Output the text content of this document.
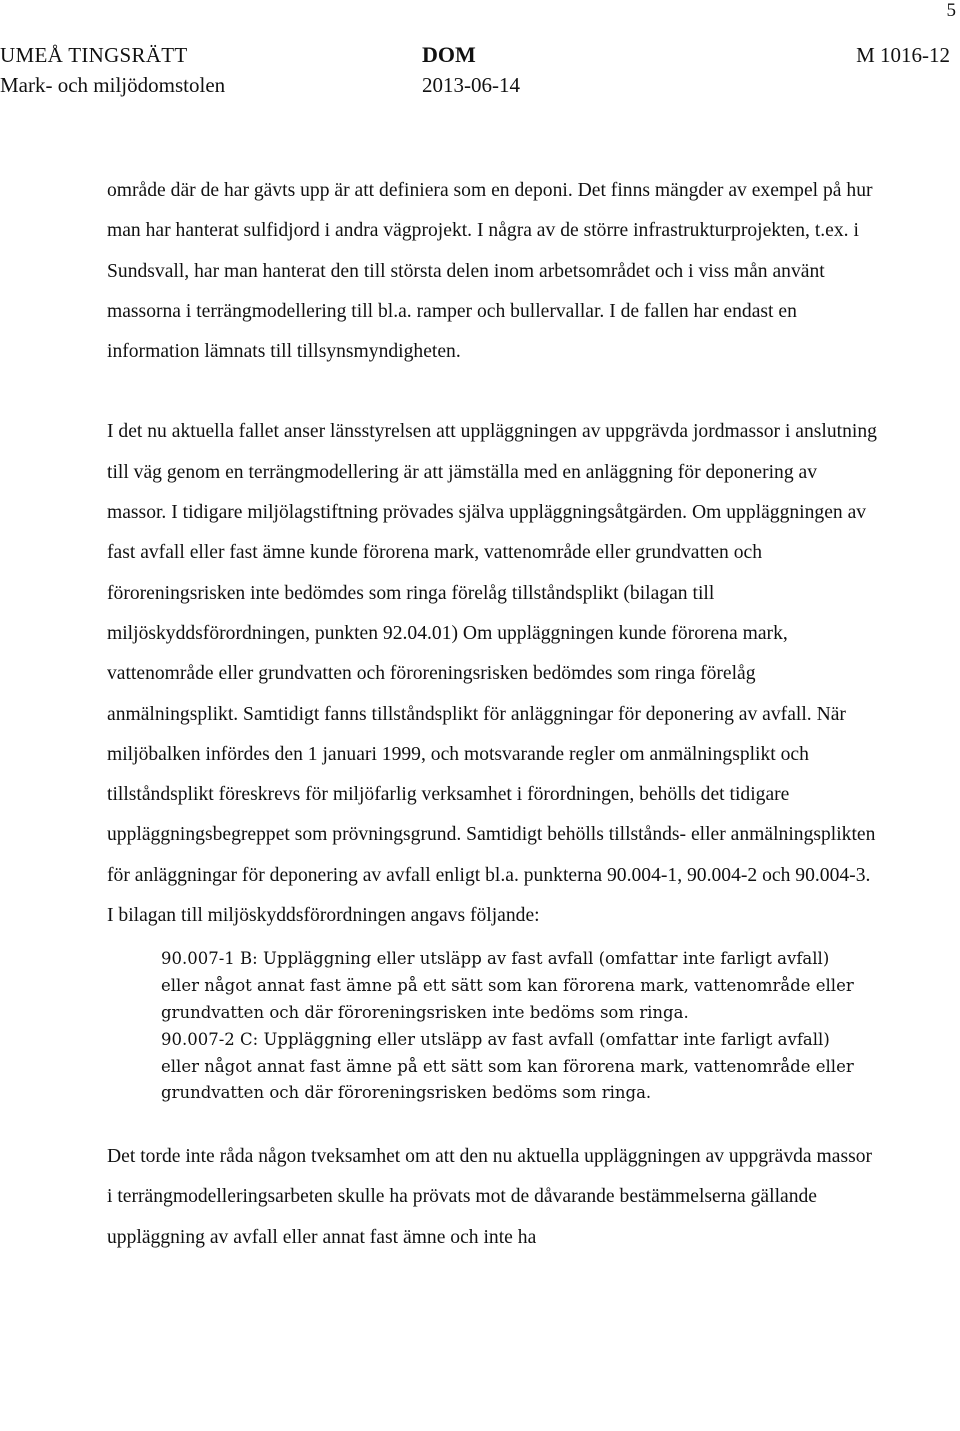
5
UMEÅ TINGSRÄTT
Mark- och miljödomstolen
DOM
2013-06-14
M 1016-12

område där de har gävts upp är att definiera som en deponi. Det finns mängder av exempel på hur man har hanterat sulfidjord i andra vägprojekt. I några av de större infrastrukturprojekten, t.ex. i Sundsvall, har man hanterat den till största delen inom arbetsområdet och i viss mån använt massorna i terrängmodellering till bl.a. ramper och bullervallar. I de fallen har endast en information lämnats till tillsynsmyndigheten.

I det nu aktuella fallet anser länsstyrelsen att uppläggningen av uppgrävda jordmassor i anslutning till väg genom en terrängmodellering är att jämställa med en anläggning för deponering av massor. I tidigare miljölagstiftning prövades själva uppläggningsåtgärden. Om uppläggningen av fast avfall eller fast ämne kunde förorena mark, vattenområde eller grundvatten och föroreningsrisken inte bedömdes som ringa förelåg tillståndsplikt (bilagan till miljöskyddsförordningen, punkten 92.04.01) Om uppläggningen kunde förorena mark, vattenområde eller grundvatten och föroreningsrisken bedömdes som ringa förelåg anmälningsplikt. Samtidigt fanns tillståndsplikt för anläggningar för deponering av avfall. När miljöbalken infördes den 1 januari 1999, och motsvarande regler om anmälningsplikt och tillståndsplikt föreskrevs för miljöfarlig verksamhet i förordningen, behölls det tidigare uppläggningsbegreppet som prövningsgrund. Samtidigt behölls tillstånds- eller anmälningsplikten för anläggningar för deponering av avfall enligt bl.a. punkterna 90.004-1, 90.004-2 och 90.004-3. I bilagan till miljöskyddsförordningen angavs följande:

90.007-1 B: Uppläggning eller utsläpp av fast avfall (omfattar inte farligt avfall) eller något annat fast ämne på ett sätt som kan förorena mark, vattenområde eller grundvatten och där föroreningsrisken inte bedöms som ringa.
90.007-2 C: Uppläggning eller utsläpp av fast avfall (omfattar inte farligt avfall) eller något annat fast ämne på ett sätt som kan förorena mark, vattenområde eller grundvatten och där föroreningsrisken bedöms som ringa.

Det torde inte råda någon tveksamhet om att den nu aktuella uppläggningen av uppgrävda massor i terrängmodelleringsarbeten skulle ha prövats mot de dåvarande bestämmelserna gällande uppläggning av avfall eller annat fast ämne och inte ha
